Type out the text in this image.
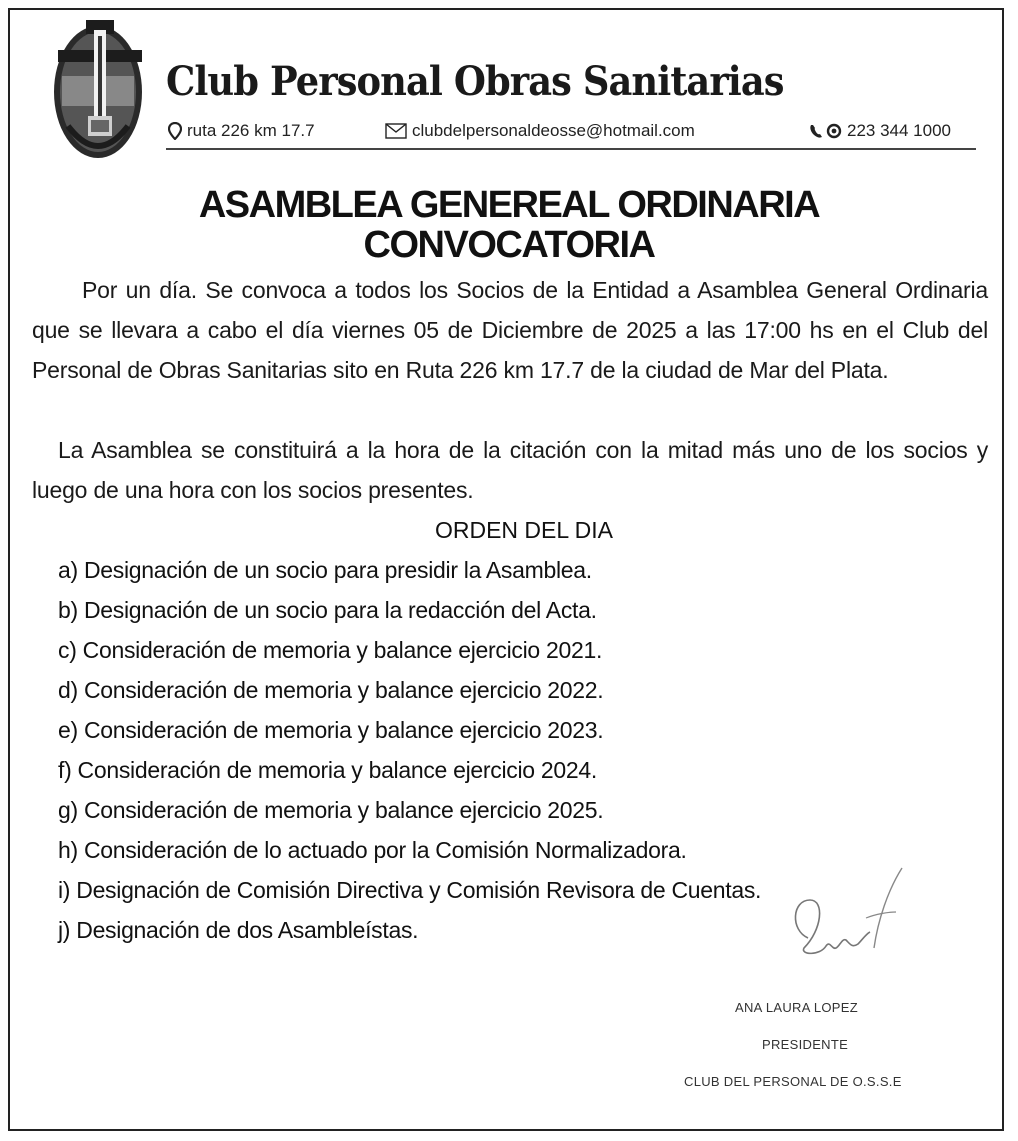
Club Personal Obras Sanitarias
ruta 226 km 17.7	clubdelpersonaldeosse@hotmail.com	223 344 1000
ASAMBLEA GENEREAL ORDINARIA
CONVOCATORIA
Por un día. Se convoca a todos los Socios de la Entidad a Asamblea General Ordinaria que se llevara a cabo el día viernes 05 de Diciembre de 2025 a las 17:00 hs en el Club del Personal de Obras Sanitarias sito en Ruta 226 km 17.7 de la ciudad de Mar del Plata.
La Asamblea se constituirá a la hora de la citación con la mitad más uno de los socios y luego de una hora con los socios presentes.
ORDEN DEL DIA
a) Designación de un socio para presidir la Asamblea.
b) Designación de un socio para la redacción del Acta.
c) Consideración de memoria y balance ejercicio 2021.
d) Consideración de memoria y balance ejercicio 2022.
e) Consideración de memoria y balance ejercicio 2023.
f) Consideración de memoria y balance ejercicio 2024.
g) Consideración de memoria y balance ejercicio 2025.
h) Consideración de lo actuado por la Comisión Normalizadora.
i) Designación de Comisión Directiva y Comisión Revisora de Cuentas.
j) Designación de dos Asambleístas.
ANA LAURA LOPEZ
PRESIDENTE
CLUB DEL PERSONAL DE O.S.S.E
